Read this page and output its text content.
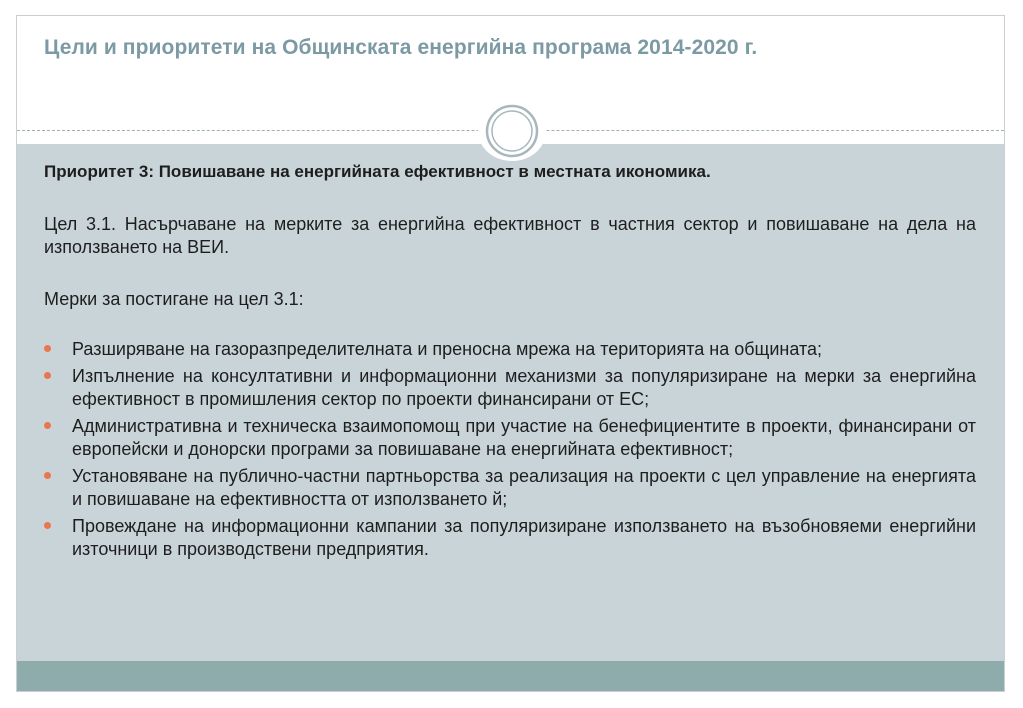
Цели и приоритети на Общинската енергийна програма 2014-2020 г.

Приоритет 3: Повишаване на енергийната ефективност в местната икономика.

Цел 3.1. Насърчаване на мерките за енергийна ефективност в частния сектор и повишаване на дела на използването на ВЕИ.

Мерки за постигане на цел 3.1:

Разширяване на газоразпределителната и преносна мрежа на територията на общината;
Изпълнение на консултативни и информационни механизми за популяризиране на мерки за енергийна ефективност в промишления сектор по проекти финансирани от ЕС;
Административна и техническа взаимопомощ при участие на бенефициентите в проекти, финансирани от европейски и донорски програми за повишаване на енергийната ефективност;
Установяване на публично-частни партньорства за реализация на проекти с цел управление на енергията и повишаване на ефективността от използването й;
Провеждане на информационни кампании за популяризиране използването на възобновяеми енергийни източници в производствени предприятия.
